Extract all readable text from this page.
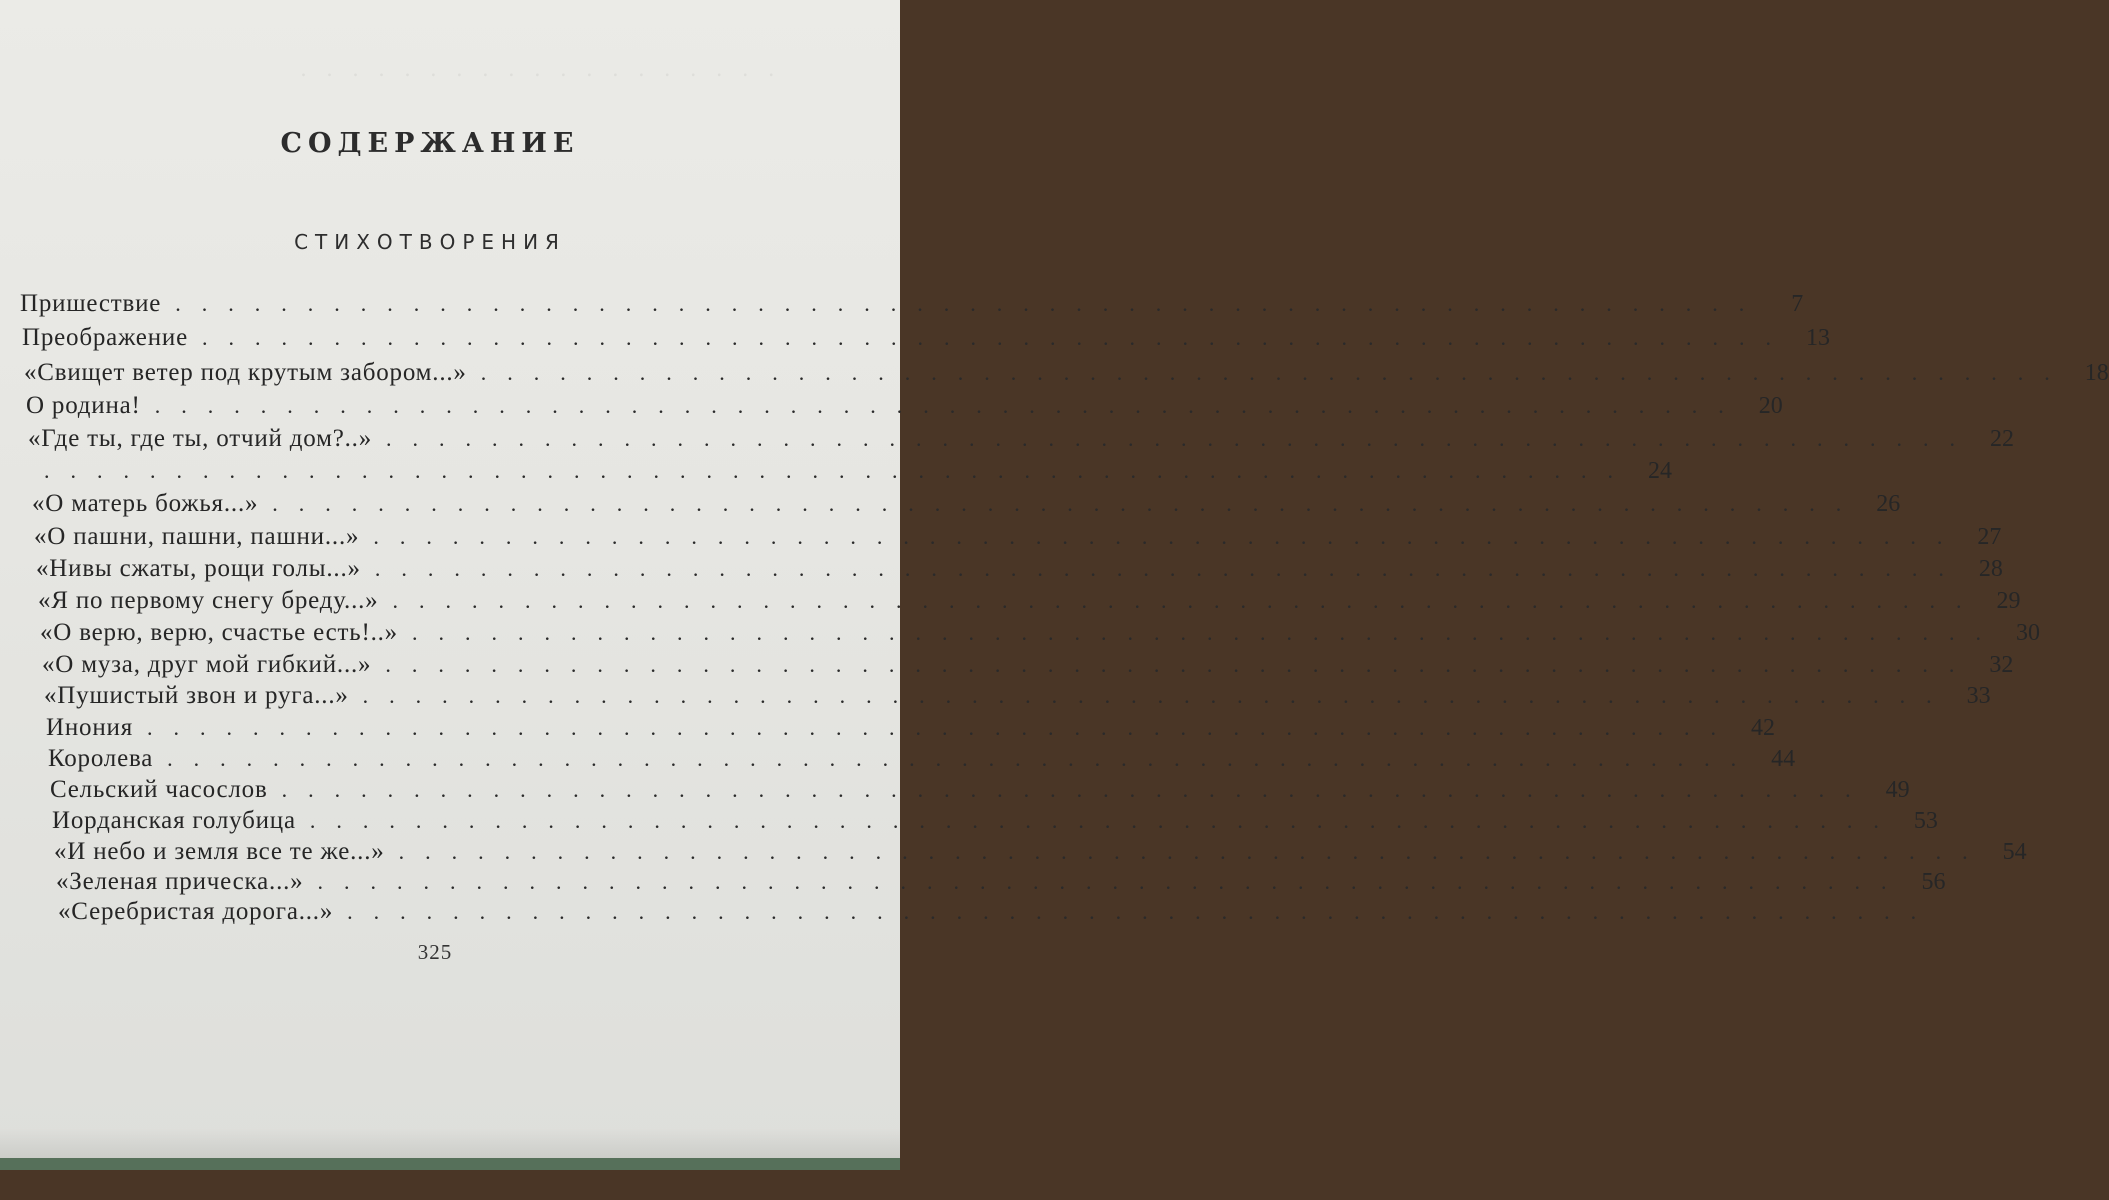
. . . . . . . . . . . . . . . . . . .
СОДЕРЖАНИЕ
СТИХОТВОРЕНИЯ
Пришествие ............................................................	7
Преображение ............................................................ 13
«Свищет ветер под крутым забором...» ............................................................ 18
О родина! ............................................................ 20
«Где ты, где ты, отчий дом?..» ............................................................ 22
............................................................ 24
«О матерь божья...» ............................................................ 26
«О пашни, пашни, пашни...» ............................................................ 27
«Нивы сжаты, рощи голы...» ............................................................ 28
«Я по первому снегу бреду...» ............................................................ 29
«О верю, верю, счастье есть!..» ............................................................ 30
«О муза, друг мой гибкий...» ............................................................ 32
«Пушистый звон и руга...» ............................................................ 33
Инония ............................................................ 42
Королева ............................................................ 44
Сельский часослов ............................................................ 49
Иорданская голубица ............................................................ 53
«И небо и земля все те же...» ............................................................ 54
«Зеленая прическа...» ............................................................ 56
«Серебристая дорога...» ............................................................
325
